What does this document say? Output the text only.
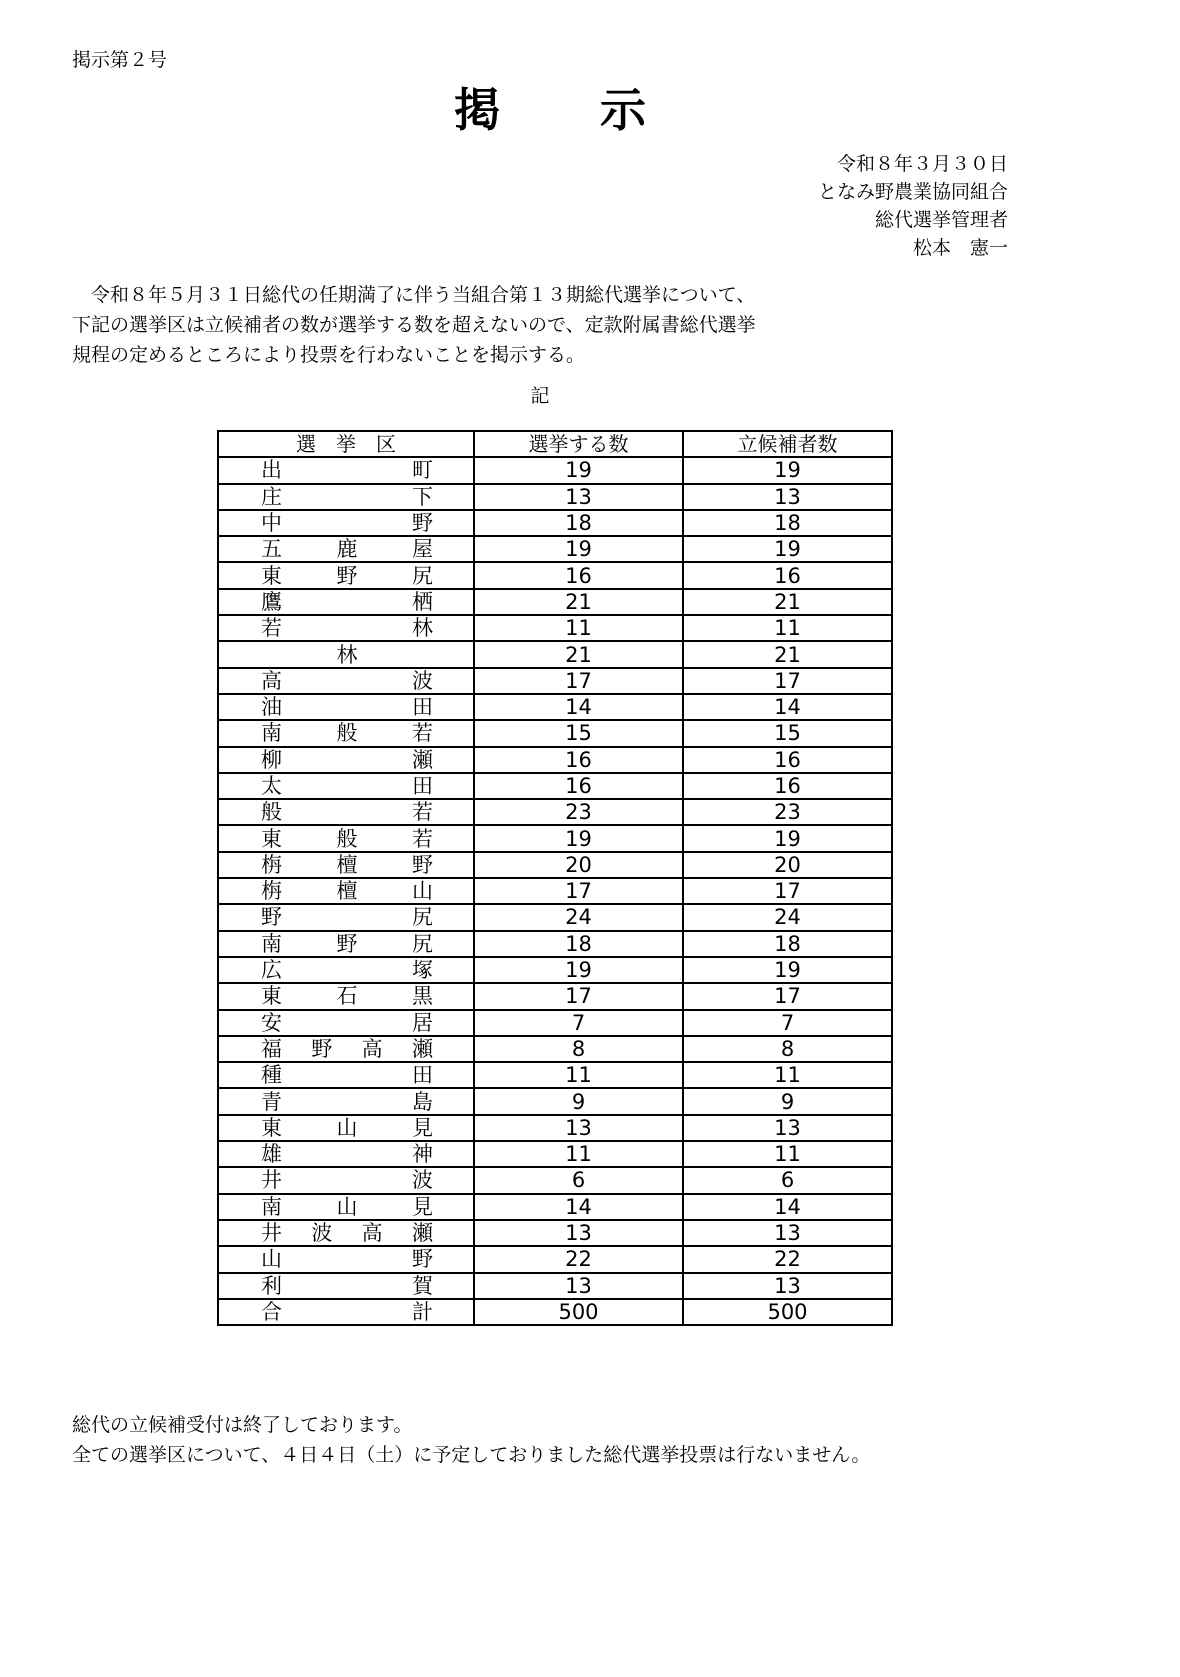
掲示第２号
掲 示
令和８年３月３０日
となみ野農業協同組合
総代選挙管理者
松本　憲一
　令和８年５月３１日総代の任期満了に伴う当組合第１３期総代選挙について、
下記の選挙区は立候補者の数が選挙する数を超えないので、定款附属書総代選挙
規程の定めるところにより投票を行わないことを掲示する。
記
選　挙　区	選挙する数	立候補者数

出 町	19	19

庄 下	13	13

中 野	18	18

五 鹿 屋	19	19

東 野 尻	16	16

鷹 栖	21	21

若 林	11	11

林	21	21

高 波	17	17

油 田	14	14

南 般 若	15	15

柳 瀬	16	16

太 田	16	16

般 若	23	23

東 般 若	19	19

栴 檀 野	20	20

栴 檀 山	17	17

野 尻	24	24

南 野 尻	18	18

広 塚	19	19

東 石 黒	17	17

安 居	7	7

福 野 高 瀬	8	8

種 田	11	11

青 島	9	9

東 山 見	13	13

雄 神	11	11

井 波	6	6

南 山 見	14	14

井 波 高 瀬	13	13

山 野	22	22

利 賀	13	13

合 計	500	500
総代の立候補受付は終了しております。
全ての選挙区について、４日４日（土）に予定しておりました総代選挙投票は行ないません。
